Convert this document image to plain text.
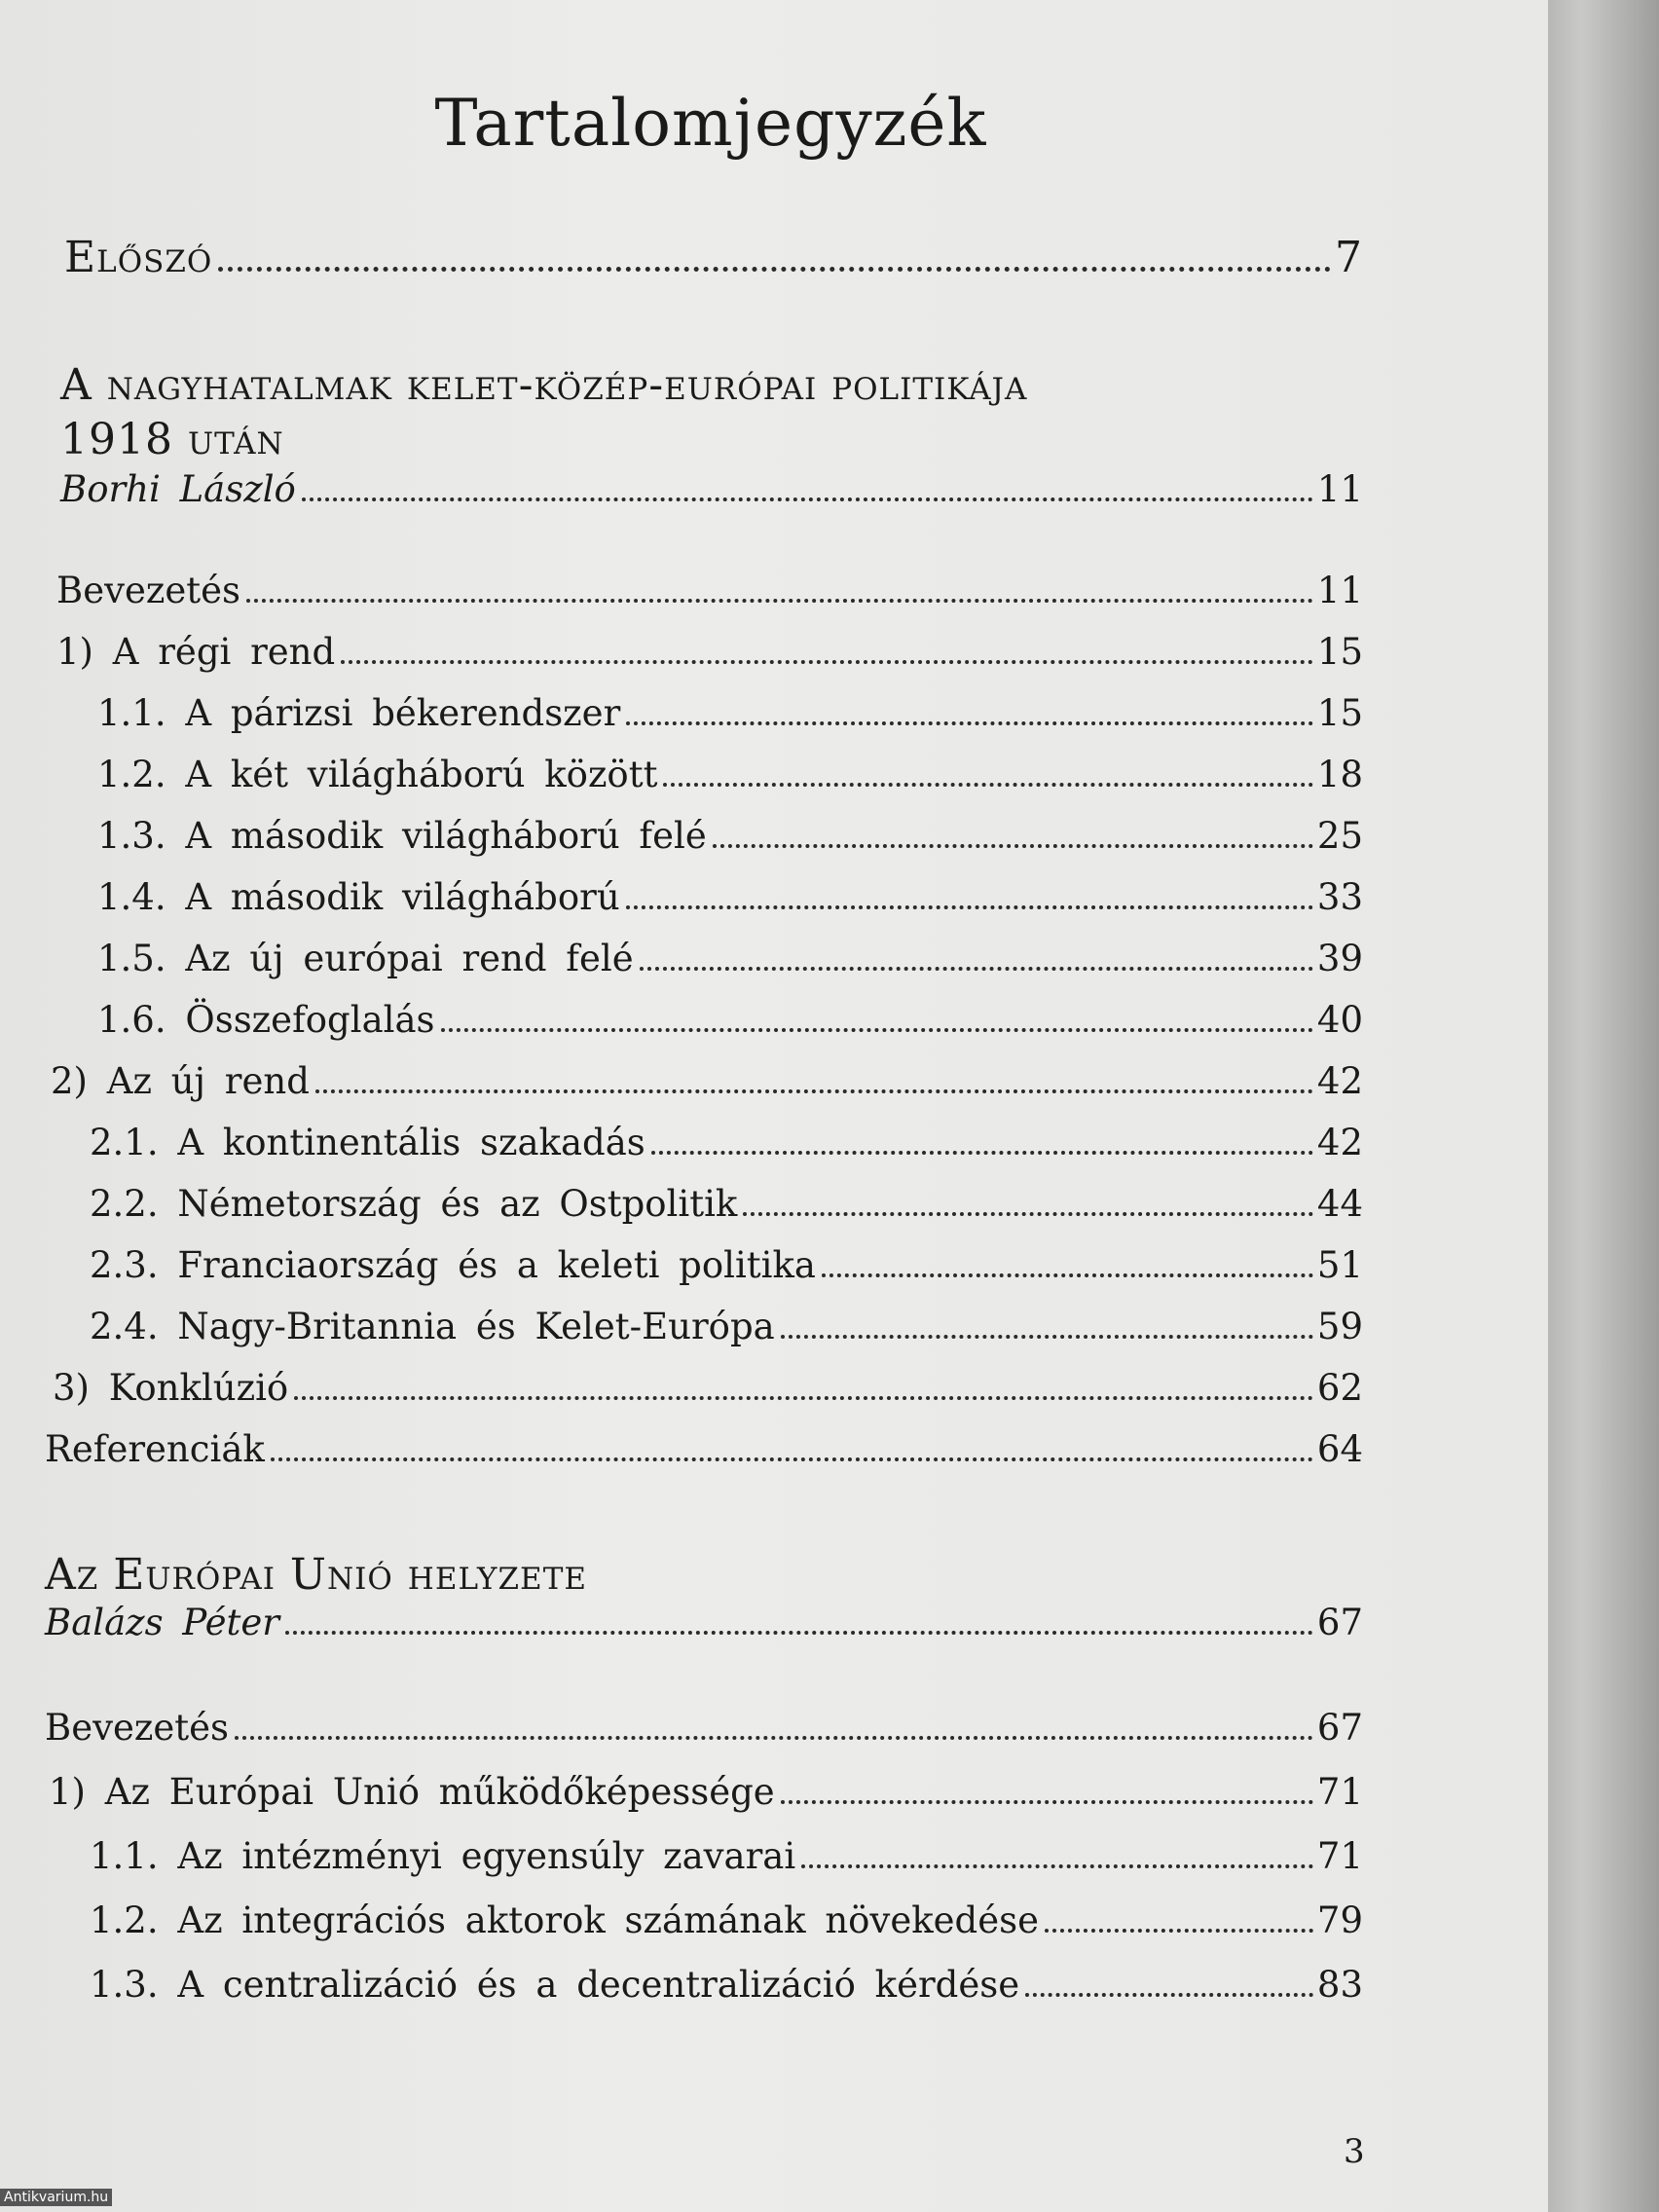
Tartalomjegyzék
Előszó	7
A nagyhatalmak kelet-közép-európai politikája
1918 után
Borhi László	11
Bevezetés	11
1) A régi rend	15
1.1. A párizsi békerendszer	15
1.2. A két világháború között	18
1.3. A második világháború felé	25
1.4. A második világháború	33
1.5. Az új európai rend felé	39
1.6. Összefoglalás	40
2) Az új rend	42
2.1. A kontinentális szakadás	42
2.2. Németország és az Ostpolitik	44
2.3. Franciaország és a keleti politika	51
2.4. Nagy-Britannia és Kelet-Európa	59
3) Konklúzió	62
Referenciák	64
Az Európai Unió helyzete
Balázs Péter	67
Bevezetés	67
1) Az Európai Unió működőképessége	71
1.1. Az intézményi egyensúly zavarai	71
1.2. Az integrációs aktorok számának növekedése	79
1.3. A centralizáció és a decentralizáció kérdése	83
3
Antikvarium.hu
